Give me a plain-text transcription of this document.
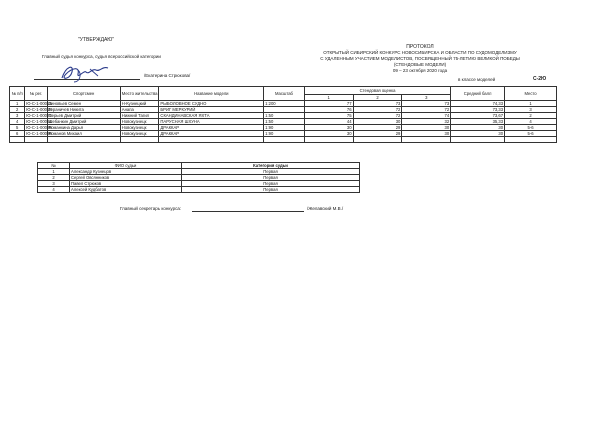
"УТВЕРЖДАЮ"
Главный судья конкурса, судья всероссийской категории
/Екатерина Стрюкова/
ПРОТОКОЛ
ОТКРЫТЫЙ СИБИРСКИЙ КОНКУРС НОВОСИБИРСКА И ОБЛАСТИ ПО СУДОМОДЕЛИЗМУ
С УДАЛЕННЫМ УЧАСТИЕМ МОДЕЛИСТОВ, ПОСВЯЩЕННЫЙ 75-ЛЕТИЮ ВЕЛИКОЙ ПОБЕДЫ
(СТЕНДОВЫЕ МОДЕЛИ)
09 – 23 октября 2020 года
в классе моделей	С-2Ю
№ п/п	№ рег.	Спортсмен	Место жительства	Название модели	Масштаб	Стендовая оценка			Средний балл	Место
						1	2	3		
1	Ю-С-1-00015	Зиновьев Семен	Н-Кузнецкий	РЫБОЛОВНОЕ СУДНО	1:200	77	73	73	74,33	1
2	Ю-С-1-00018	Гераничев Никита	Анапа	БРИГ МЕРКУРИЙ		76	72	72	73,33	3
3	Ю-С-1-00021	Перьев Дмитрий	Нижний Тагил	СКАНДИНАВСКАЯ ЯХТА	1:50	75	72	74	73,67	2
4	Ю-С-1-00064	Шебанкин Дмитрий	Новокузнецк	ПАРУСНАЯ ШХУНА	1:50	44	30	32	35,33	4
5	Ю-С-1-00095	Романкина Дарья	Новокузнецк	ДРАККАР	1:90	30	29	30	30	5-6
6	Ю-С-1-00096	Романов Михаил	Новокузнецк	ДРАККАР	1:90	30	29	30	30	5-6

№	ФИО судьи	Категория судьи
1	Александр Кузнецов	Первая
2	Сергей Овсянников	Первая
3	Павел Стрюков	Первая
4	Алексей Кудбатов	Первая
Главный секретарь конкурса:	/Желавский М.В./
